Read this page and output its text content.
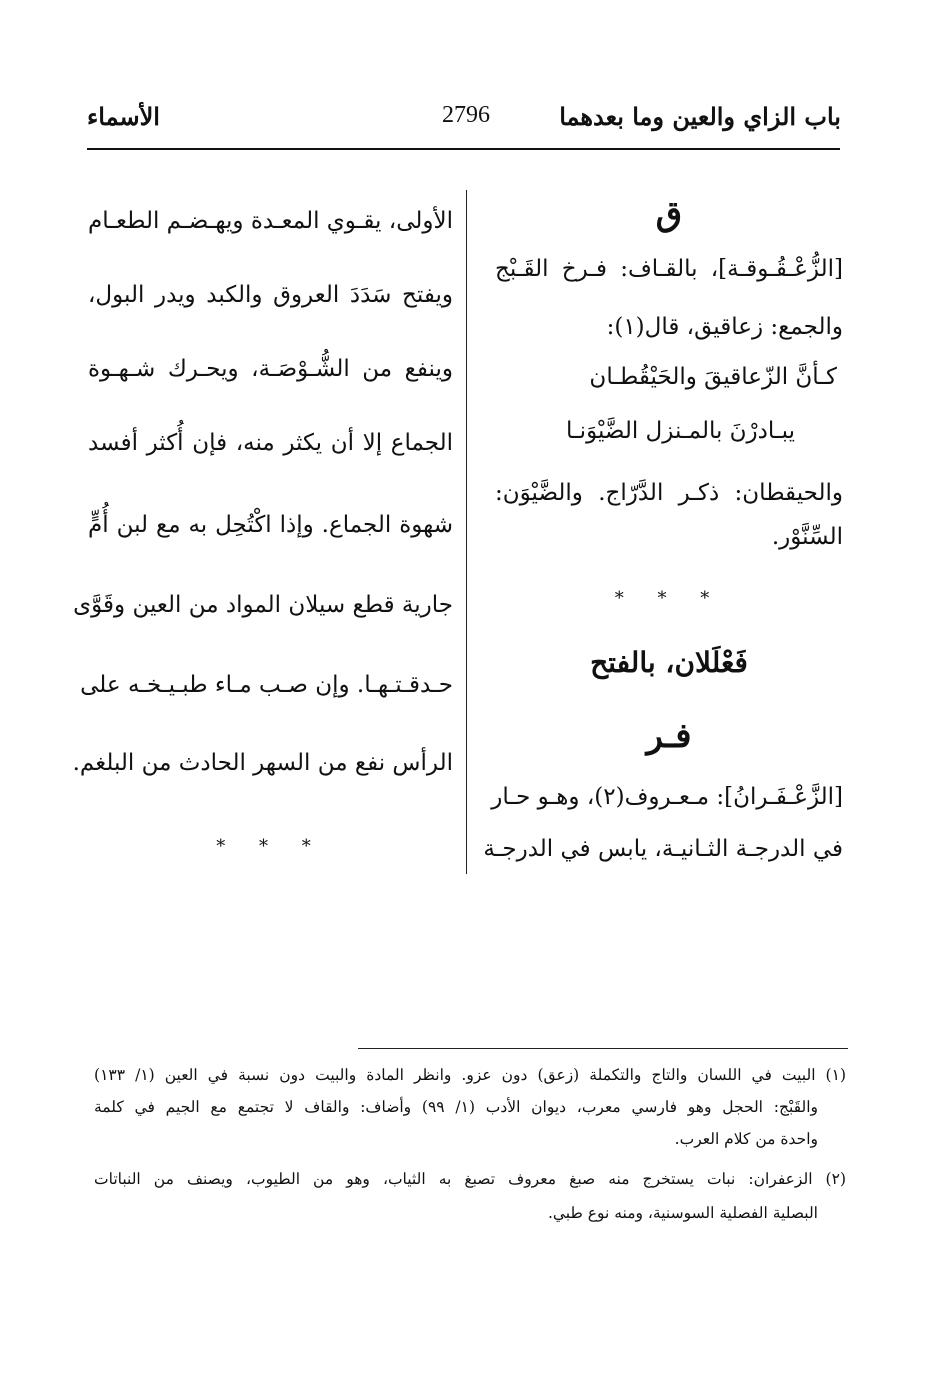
باب الزاي والعين وما بعدهما
2796
الأسماء
ق
[الزُّعْـقُـوقـة]، بالقـاف: فـرخ القَـبْج
والجمع: زعاقيق، قال(١):
كـأنَّ الزّعاقيقَ والحَيْقُطـان
يبـادرْنَ بالمـنزل الضَّيْوَنـا
والحيقطان: ذكـر الدَّرّاج. والضَّيْوَن:
السِّنَّوْر.
* * *
فَعْلَلان، بالفتح
فـر
[الزَّعْـفَـرانُ]: مـعـروف(٢)، وهـو حـار
في الدرجـة الثـانيـة، يابس في الدرجـة
الأولى، يقـوي المعـدة ويهـضـم الطعـام
ويفتح سَدَدَ العروق والكبد ويدر البول،
وينفع من الشُّـوْصَـة، ويحـرك شـهـوة
الجماع إلا أن يكثر منه، فإن أُكثر أفسد
شهوة الجماع. وإذا اكْتُحِل به مع لبن أُمٍّ
جارية قطع سيلان المواد من العين وقَوَّى
حـدقـتـهـا. وإن صـب مـاء طبـيـخـه على
الرأس نفع من السهر الحادث من البلغم.
* * *
(١) البيت في اللسان والتاج والتكملة (زعق) دون عزو. وانظر المادة والبيت دون نسبة في العين (١/ ١٣٣)
والقَبْج: الحجل وهو فارسي معرب، ديوان الأدب (١/ ٩٩) وأضاف: والقاف لا تجتمع مع الجيم في كلمة
واحدة من كلام العرب.
(٢) الزعفران: نبات يستخرج منه صبغ معروف تصبغ به الثياب، وهو من الطيوب، ويصنف من النباتات
البصلية الفصلية السوسنية، ومنه نوع طبي.
